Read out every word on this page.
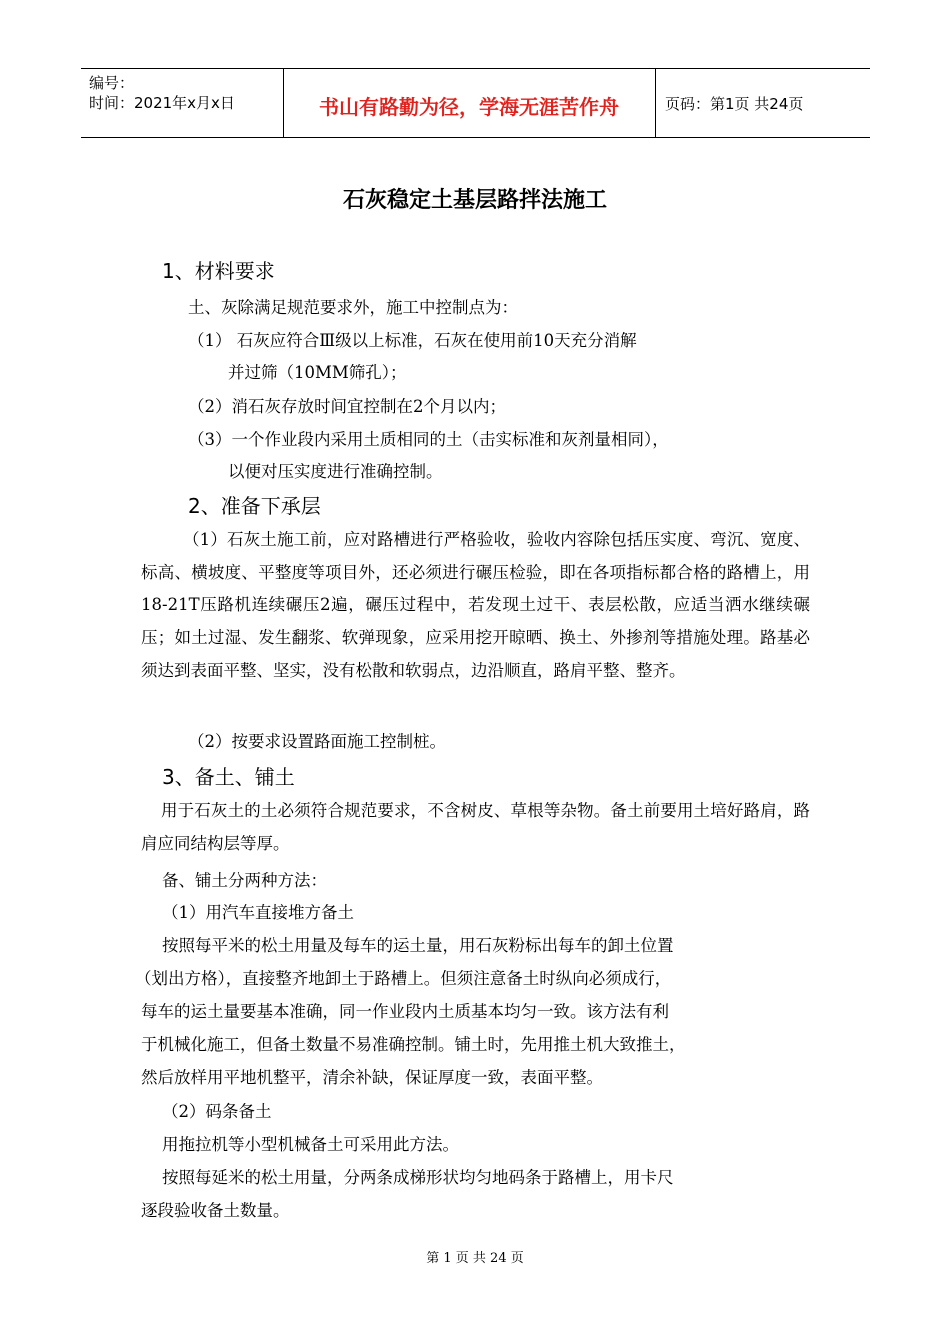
编号：
时间：2021年x月x日	书山有路勤为径，学海无涯苦作舟	页码：第1页 共24页
石灰稳定土基层路拌法施工
1、材料要求
土、灰除满足规范要求外，施工中控制点为：
（1） 石灰应符合Ⅲ级以上标准，石灰在使用前10天充分消解
并过筛（10MM筛孔）；
（2）消石灰存放时间宜控制在2个月以内；
（3）一个作业段内采用土质相同的土（击实标准和灰剂量相同），
以便对压实度进行准确控制。
2、准备下承层
（1）石灰土施工前，应对路槽进行严格验收，验收内容除包括压实度、弯沉、宽度、标高、横坡度、平整度等项目外，还必须进行碾压检验，即在各项指标都合格的路槽上，用18-21T压路机连续碾压2遍，碾压过程中，若发现土过干、表层松散，应适当洒水继续碾压；如土过湿、发生翻浆、软弹现象，应采用挖开晾晒、换土、外掺剂等措施处理。路基必须达到表面平整、坚实，没有松散和软弱点，边沿顺直，路肩平整、整齐。
（2）按要求设置路面施工控制桩。
3、备土、铺土
用于石灰土的土必须符合规范要求，不含树皮、草根等杂物。备土前要用土培好路肩，路肩应同结构层等厚。
备、铺土分两种方法：
（1）用汽车直接堆方备土
按照每平米的松土用量及每车的运土量，用石灰粉标出每车的卸土位置
（划出方格），直接整齐地卸土于路槽上。但须注意备土时纵向必须成行，
每车的运土量要基本准确，同一作业段内土质基本均匀一致。该方法有利
于机械化施工，但备土数量不易准确控制。铺土时，先用推土机大致推土，
然后放样用平地机整平，清余补缺，保证厚度一致，表面平整。
（2）码条备土
用拖拉机等小型机械备土可采用此方法。
按照每延米的松土用量，分两条成梯形状均匀地码条于路槽上，用卡尺
逐段验收备土数量。
第 1 页 共 24 页
